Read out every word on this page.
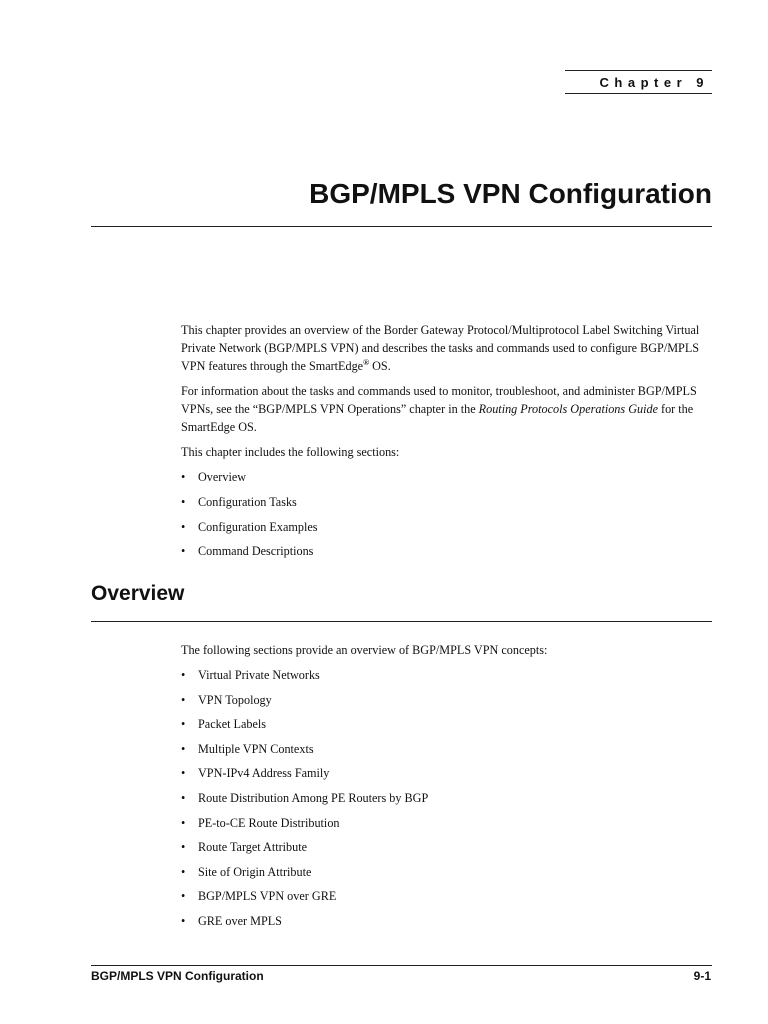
Chapter 9
BGP/MPLS VPN Configuration

This chapter provides an overview of the Border Gateway Protocol/Multiprotocol Label Switching Virtual Private Network (BGP/MPLS VPN) and describes the tasks and commands used to configure BGP/MPLS VPN features through the SmartEdge® OS.

For information about the tasks and commands used to monitor, troubleshoot, and administer BGP/MPLS VPNs, see the “BGP/MPLS VPN Operations” chapter in the Routing Protocols Operations Guide for the SmartEdge OS.

This chapter includes the following sections:

• Overview
• Configuration Tasks
• Configuration Examples
• Command Descriptions
Overview

The following sections provide an overview of BGP/MPLS VPN concepts:

• Virtual Private Networks
• VPN Topology
• Packet Labels
• Multiple VPN Contexts
• VPN-IPv4 Address Family
• Route Distribution Among PE Routers by BGP
• PE-to-CE Route Distribution
• Route Target Attribute
• Site of Origin Attribute
• BGP/MPLS VPN over GRE
• GRE over MPLS
BGP/MPLS VPN Configuration	9-1
